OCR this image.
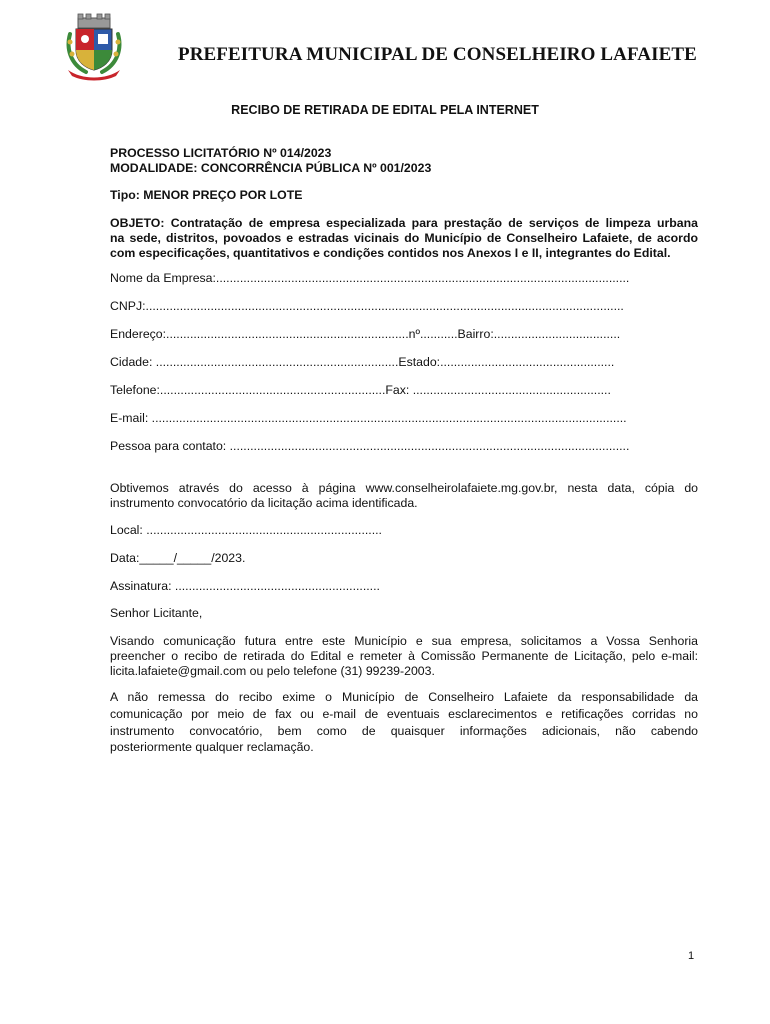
PREFEITURA MUNICIPAL DE CONSELHEIRO LAFAIETE
RECIBO DE RETIRADA DE EDITAL PELA INTERNET
PROCESSO LICITATÓRIO Nº 014/2023
MODALIDADE: CONCORRÊNCIA PÚBLICA Nº 001/2023
Tipo: MENOR PREÇO POR LOTE
OBJETO: Contratação de empresa especializada para prestação de serviços de limpeza urbana
na sede, distritos, povoados e estradas vicinais do Município de Conselheiro Lafaiete, de acordo
com especificações, quantitativos e condições contidos nos Anexos I e II, integrantes do Edital.
Nome da Empresa:.........................................................................................................................
CNPJ:............................................................................................................................................
Endereço:.......................................................................nº...........Bairro:.....................................
Cidade: .......................................................................Estado:...................................................
Telefone:..................................................................Fax: ..........................................................
E-mail: ...........................................................................................................................................
Pessoa para contato: .....................................................................................................................
Obtivemos através do acesso à página www.conselheirolafaiete.mg.gov.br, nesta data, cópia do
instrumento convocatório da licitação acima identificada.
Local: .....................................................................
Data:_____/_____/2023.
Assinatura: ............................................................
Senhor Licitante,
Visando comunicação futura entre este Município e sua empresa, solicitamos a Vossa Senhoria
preencher o recibo de retirada do Edital e remeter à Comissão Permanente de Licitação, pelo e-mail:
licita.lafaiete@gmail.com ou pelo telefone (31) 99239-2003.
A não remessa do recibo exime o Município de Conselheiro Lafaiete da responsabilidade da
comunicação por meio de fax ou e-mail de eventuais esclarecimentos e retificações corridas no
instrumento convocatório, bem como de quaisquer informações adicionais, não cabendo
posteriormente qualquer reclamação.
1
